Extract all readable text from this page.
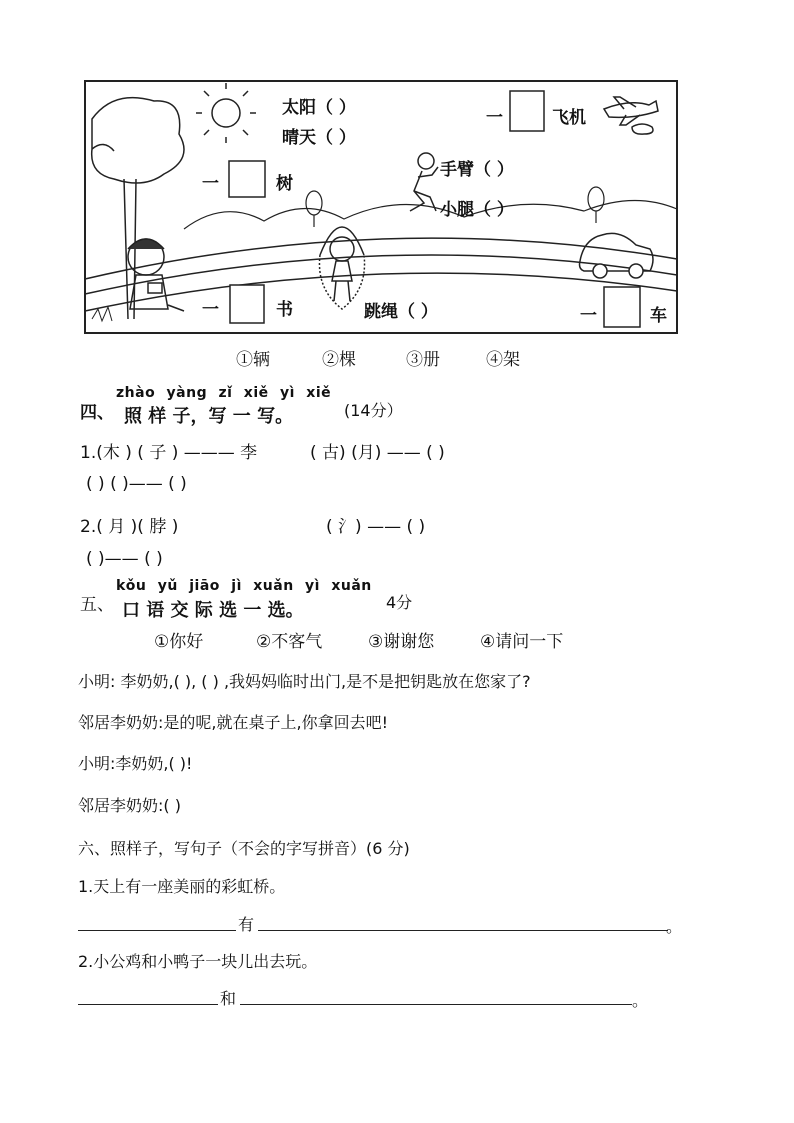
太阳（ ）
晴天（ ）
一	飞机
一	树
手臂（ ）
小腿（ ）
一	书	跳绳（ ）	一	车
①辆	②棵	③册	④架
四、
zhào yàng zǐ xiě yì xiě
照 样 子，写 一 写。	(14分）
1.(木 ) ( 子 ) ——— 李	( 古) (月) —— ( )
( ) ( )—— ( )
2.( 月 )( 脖 )	( 氵) —— ( )
( )—— ( )
五、
kǒu yǔ jiāo jì xuǎn yì xuǎn
口 语 交 际 选 一 选。	4分
①你好	②不客气	③谢谢您	④请问一下
小明: 李奶奶,( ), ( ) ,我妈妈临时出门,是不是把钥匙放在您家了?
邻居李奶奶:是的呢,就在桌子上,你拿回去吧!
小明:李奶奶,( )!
邻居李奶奶:( )
六、照样子，写句子（不会的字写拼音）(6 分)
1.天上有一座美丽的彩虹桥。
有	。
2.小公鸡和小鸭子一块儿出去玩。
和	。
